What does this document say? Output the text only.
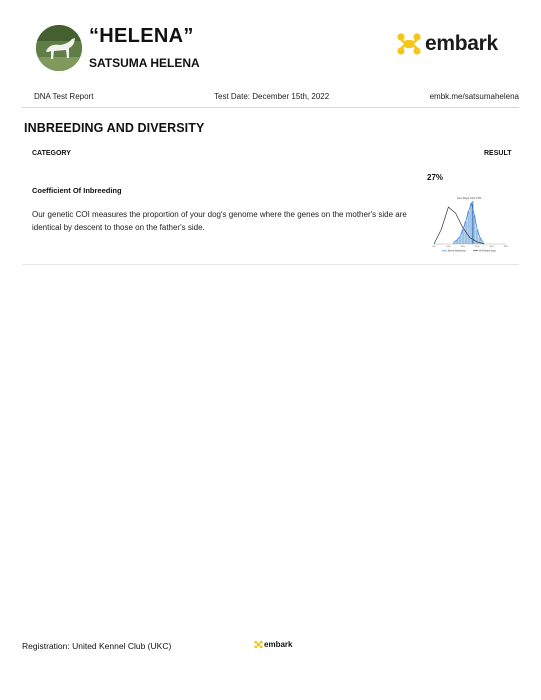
“HELENA”
SATSUMA HELENA
embark
DNA Test Report	Test Date: December 15th, 2022	embk.me/satsumahelena
INBREEDING AND DIVERSITY
CATEGORY	RESULT
27%
Coefficient Of Inbreeding
Our genetic COI measures the proportion of your dog's genome where the genes on the mother's side are identical by descent to those on the father's side.
Your Dog's COI: 27%
0%	10%	20%	30%	40%	50%
Breed distribution	All Embark dogs
Registration: United Kennel Club (UKC)	embark
